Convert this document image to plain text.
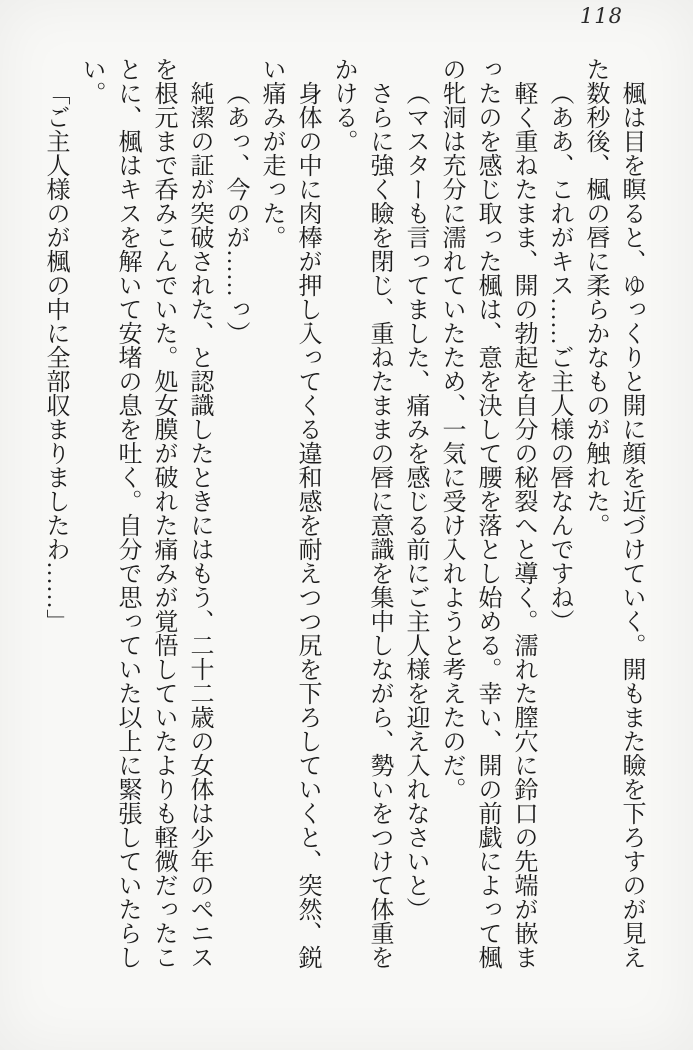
118

楓は目を瞑ると、ゆっくりと開に顔を近づけていく。開もまた瞼を下ろすのが見えた数秒後、楓の唇に柔らかなものが触れた。

（ああ、これがキス……ご主人様の唇なんですね）

軽く重ねたまま、開の勃起を自分の秘裂へと導く。濡れた膣穴に鈴口の先端が嵌まったのを感じ取った楓は、意を決して腰を落とし始める。幸い、開の前戯によって楓の牝洞は充分に濡れていたため、一気に受け入れようと考えたのだ。

（マスターも言ってました、痛みを感じる前にご主人様を迎え入れなさいと）

さらに強く瞼を閉じ、重ねたままの唇に意識を集中しながら、勢いをつけて体重をかける。

身体の中に肉棒が押し入ってくる違和感を耐えつつ尻を下ろしていくと、突然、鋭い痛みが走った。

（あっ、今のが……っ）

純潔の証が突破された、と認識したときにはもう、二十二歳の女体は少年のペニスを根元まで呑みこんでいた。処女膜が破れた痛みが覚悟していたよりも軽微だったことに、楓はキスを解いて安堵の息を吐く。自分で思っていた以上に緊張していたらしい。

「ご主人様のが楓の中に全部収まりましたわ……」
